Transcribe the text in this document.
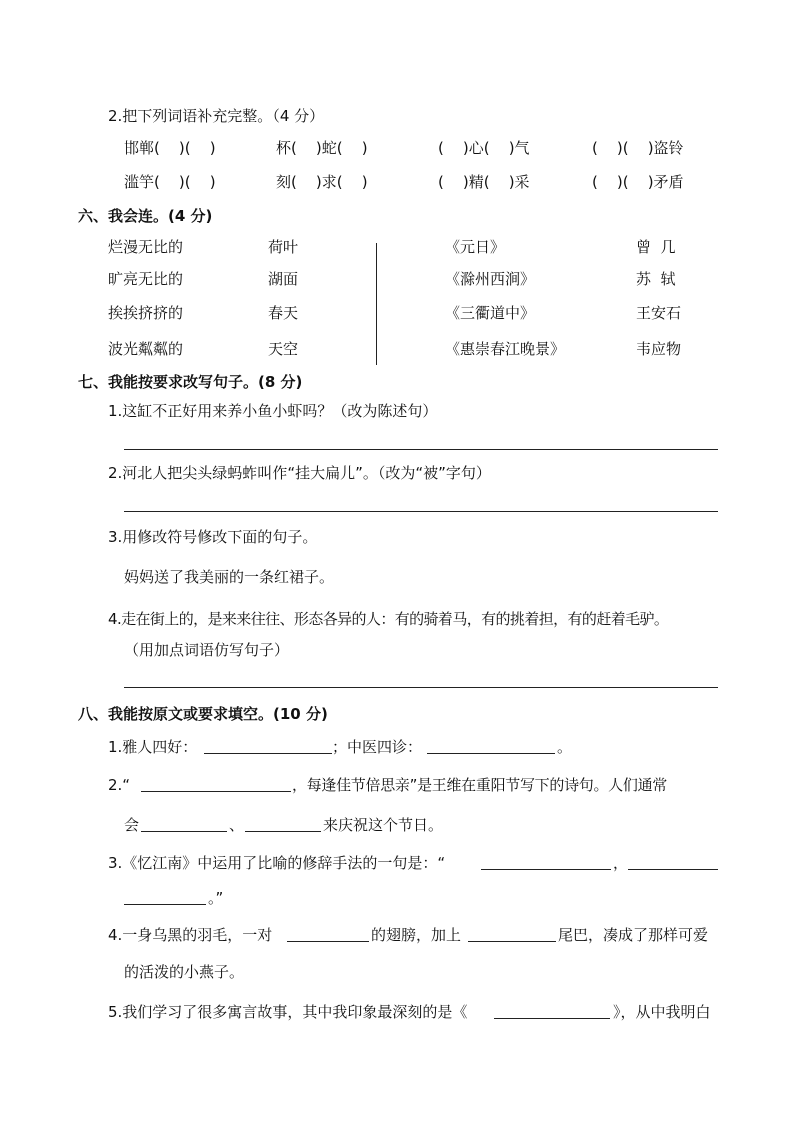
2.把下列词语补充完整。（4 分）
邯郸(    )(    )	杯(    )蛇(    )	(    )心(    )气	(    )(    )盗铃
滥竽(    )(    )	刻(    )求(    )	(    )精(    )采	(    )(    )矛盾
六、我会连。(4 分)
烂漫无比的	荷叶
旷亮无比的	湖面
挨挨挤挤的	春天
波光粼粼的	天空
《元日》	曾  几
《滁州西涧》	苏  轼
《三衢道中》	王安石
《惠崇春江晚景》	韦应物
七、我能按要求改写句子。(8 分)
1.这缸不正好用来养小鱼小虾吗？（改为陈述句）
2.河北人把尖头绿蚂蚱叫作“挂大扁儿”。（改为“被”字句）
3.用修改符号修改下面的句子。
妈妈送了我美丽的一条红裙子。
4.走在街上的，是来来往往、形态各异的人：有的骑着马，有的挑着担，有的赶着毛驴。
（用加点词语仿写句子）
八、我能按原文或要求填空。(10 分)
1.雅人四好：	；中医四诊：	。
2.“	，每逢佳节倍思亲”是王维在重阳节写下的诗句。人们通常
会	、	来庆祝这个节日。
3.《忆江南》中运用了比喻的修辞手法的一句是：“	，
。”
4.一身乌黑的羽毛，一对	的翅膀，加上	尾巴，凑成了那样可爱
的活泼的小燕子。
5.我们学习了很多寓言故事，其中我印象最深刻的是《	》，从中我明白
